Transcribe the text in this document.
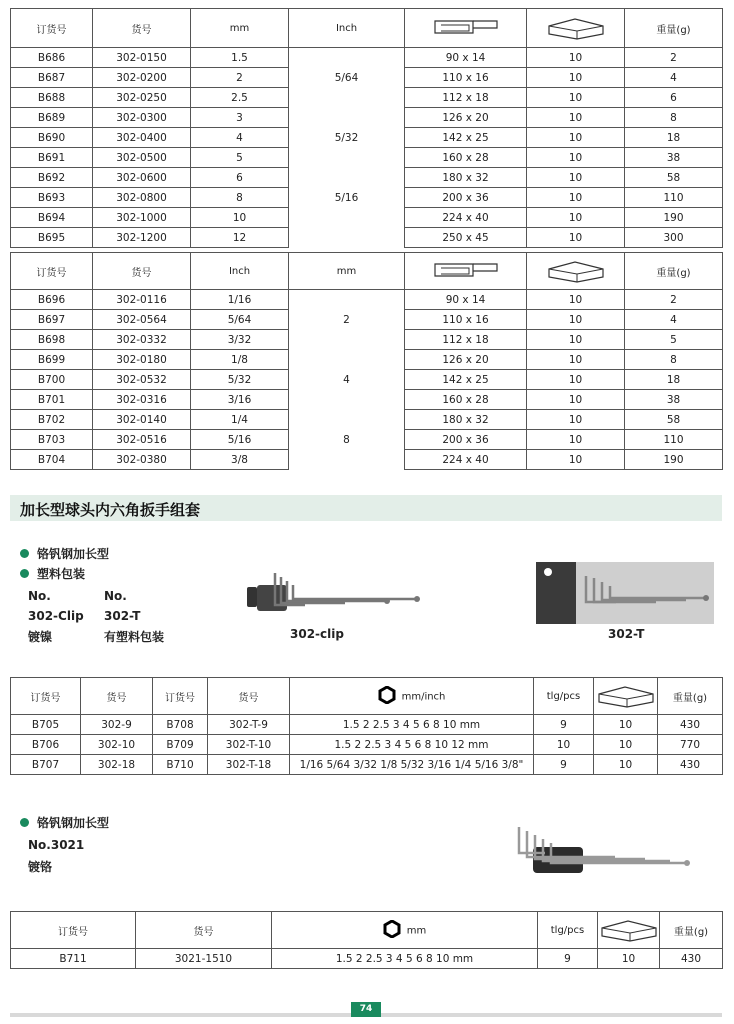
订货号	货号	mm	Inch			重量(g)
B686	302-0150	1.5		90 x 14	10	2
B687	302-0200	2	5/64	110 x 16	10	4
B688	302-0250	2.5		112 x 18	10	6
B689	302-0300	3		126 x 20	10	8
B690	302-0400	4	5/32	142 x 25	10	18
B691	302-0500	5		160 x 28	10	38
B692	302-0600	6		180 x 32	10	58
B693	302-0800	8	5/16	200 x 36	10	110
B694	302-1000	10		224 x 40	10	190
B695	302-1200	12		250 x 45	10	300
订货号	货号	Inch	mm			重量(g)
B696	302-0116	1/16		90 x 14	10	2
B697	302-0564	5/64	2	110 x 16	10	4
B698	302-0332	3/32		112 x 18	10	5
B699	302-0180	1/8		126 x 20	10	8
B700	302-0532	5/32	4	142 x 25	10	18
B701	302-0316	3/16		160 x 28	10	38
B702	302-0140	1/4		180 x 32	10	58
B703	302-0516	5/16	8	200 x 36	10	110
B704	302-0380	3/8		224 x 40	10	190
加长型球头内六角扳手组套
铬钒钢加长型
塑料包装
No.	No.
302-Clip 302-T
镀镍	有塑料包装	302-clip	302-T
订货号	货号	订货号	货号	mm/inch	tlg/pcs		重量(g)
B705	302-9	B708	302-T-9	1.5 2 2.5 3 4 5 6 8 10 mm	9	10	430
B706	302-10	B709	302-T-10	1.5 2 2.5 3 4 5 6 8 10 12 mm	10	10	770
B707	302-18	B710	302-T-18	1/16 5/64 3/32 1/8 5/32 3/16 1/4 5/16 3/8"	9	10	430
铬钒钢加长型
No.3021
镀铬
订货号	货号	mm	tlg/pcs		重量(g)
B711	3021-1510	1.5 2 2.5 3 4 5 6 8 10 mm	9	10	430
74
